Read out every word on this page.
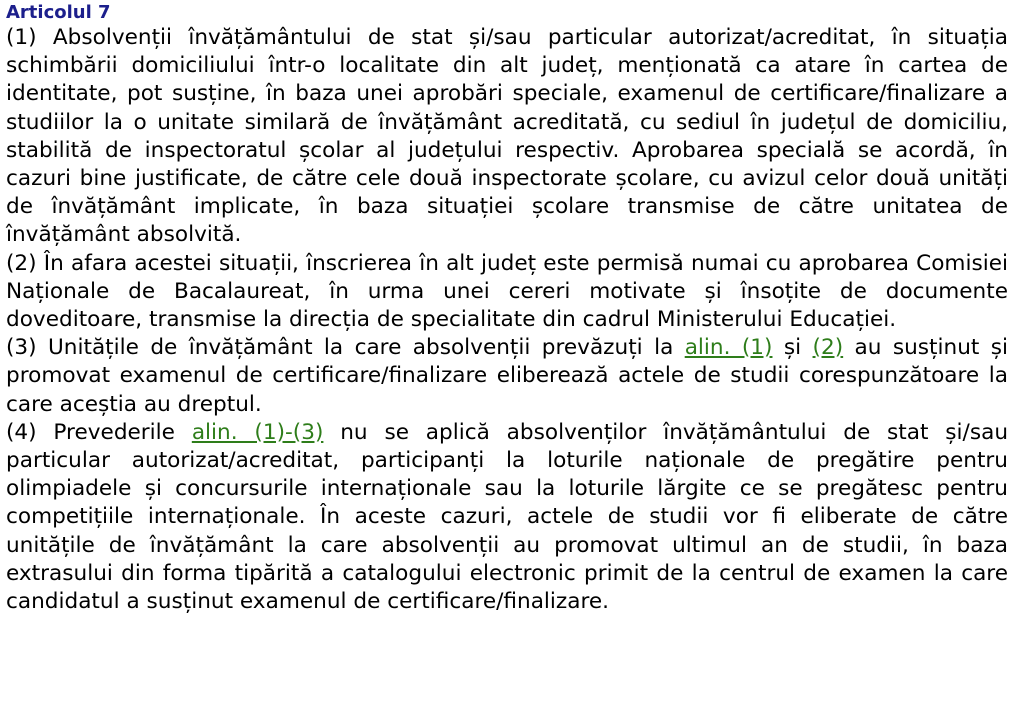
Articolul 7

(1) Absolvenții învățământului de stat și/sau particular autorizat/acreditat, în situația schimbării domiciliului într-o localitate din alt județ, menționată ca atare în cartea de identitate, pot susține, în baza unei aprobări speciale, examenul de certificare/finalizare a studiilor la o unitate similară de învățământ acreditată, cu sediul în județul de domiciliu, stabilită de inspectoratul școlar al județului respectiv. Aprobarea specială se acordă, în cazuri bine justificate, de către cele două inspectorate școlare, cu avizul celor două unități de învățământ implicate, în baza situației școlare transmise de către unitatea de învățământ absolvită.

(2) În afara acestei situații, înscrierea în alt județ este permisă numai cu aprobarea Comisiei Naționale de Bacalaureat, în urma unei cereri motivate și însoțite de documente doveditoare, transmise la direcția de specialitate din cadrul Ministerului Educației.

(3) Unitățile de învățământ la care absolvenții prevăzuți la alin. (1) și (2) au susținut și promovat examenul de certificare/finalizare eliberează actele de studii corespunzătoare la care aceștia au dreptul.

(4) Prevederile alin. (1)-(3) nu se aplică absolvenților învățământului de stat și/sau particular autorizat/acreditat, participanți la loturile naționale de pregătire pentru olimpiadele și concursurile internaționale sau la loturile lărgite ce se pregătesc pentru competițiile internaționale. În aceste cazuri, actele de studii vor fi eliberate de către unitățile de învățământ la care absolvenții au promovat ultimul an de studii, în baza extrasului din forma tipărită a catalogului electronic primit de la centrul de examen la care candidatul a susținut examenul de certificare/finalizare.
